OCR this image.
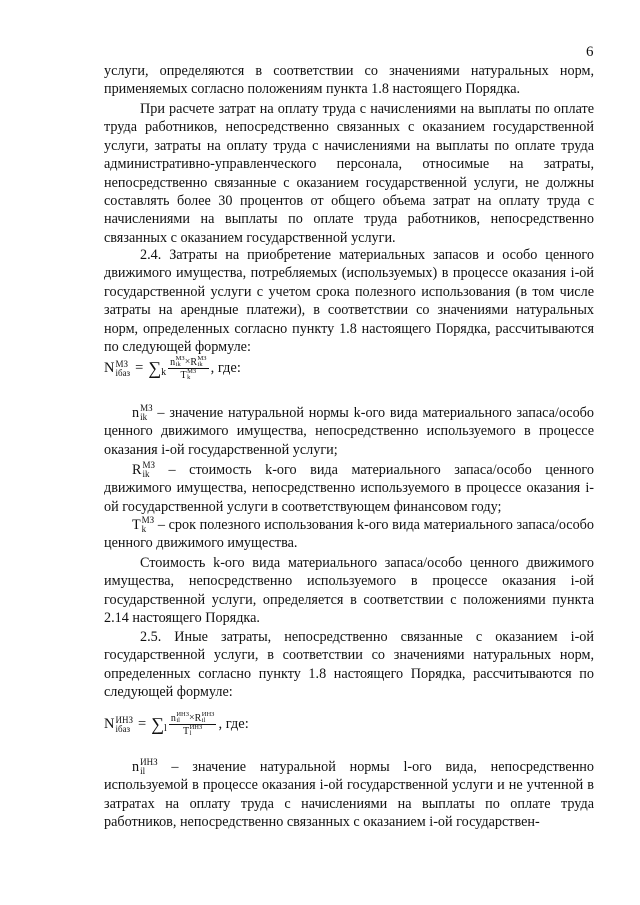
6
услуги, определяются в соответствии со значениями натуральных норм, применяемых согласно положениям пункта 1.8 настоящего Порядка.
При расчете затрат на оплату труда с начислениями на выплаты по оплате труда работников, непосредственно связанных с оказанием государственной услуги, затраты на оплату труда с начислениями на выплаты по оплате труда административно-управленческого персонала, относимые на затраты, непосредственно связанные с оказанием государственной услуги, не должны составлять более 30 процентов от общего объема затрат на оплату труда с начислениями на выплаты по оплате труда работников, непосредственно связанных с оказанием государственной услуги.
2.4. Затраты на приобретение материальных запасов и особо ценного движимого имущества, потребляемых (используемых) в процессе оказания i-ой государственной услуги с учетом срока полезного использования (в том числе затраты на арендные платежи), в соответствии со значениями натуральных норм, определенных согласно пункту 1.8 настоящего Порядка, рассчитываются по следующей формуле:
N МЗ
iбаз = ∑ k n МЗ
ik × R МЗ
ik
T МЗ
k , где:
n МЗ
ik – значение натуральной нормы k-ого вида материального запаса/особо ценного движимого имущества, непосредственно используемого в процессе оказания i-ой государственной услуги;
R МЗ
ik – стоимость k-ого вида материального запаса/особо ценного движимого имущества, непосредственно используемого в процессе оказания i-ой государственной услуги в соответствующем финансовом году;
T МЗ
k – срок полезного использования k-ого вида материального запаса/особо ценного движимого имущества.
Стоимость k-ого вида материального запаса/особо ценного движимого имущества, непосредственно используемого в процессе оказания i-ой государственной услуги, определяется в соответствии с положениями пункта 2.14 настоящего Порядка.
2.5. Иные затраты, непосредственно связанные с оказанием i-ой государственной услуги, в соответствии со значениями натуральных норм, определенных согласно пункту 1.8 настоящего Порядка, рассчитываются по следующей формуле:
N ИНЗ
iбаз = ∑ l n ИНЗ
il × R ИНЗ
il
T ИНЗ
l , где:
n ИНЗ
il – значение натуральной нормы l-ого вида, непосредственно используемой в процессе оказания i-ой государственной услуги и не учтенной в затратах на оплату труда с начислениями на выплаты по оплате труда работников, непосредственно связанных с оказанием i-ой государствен-
